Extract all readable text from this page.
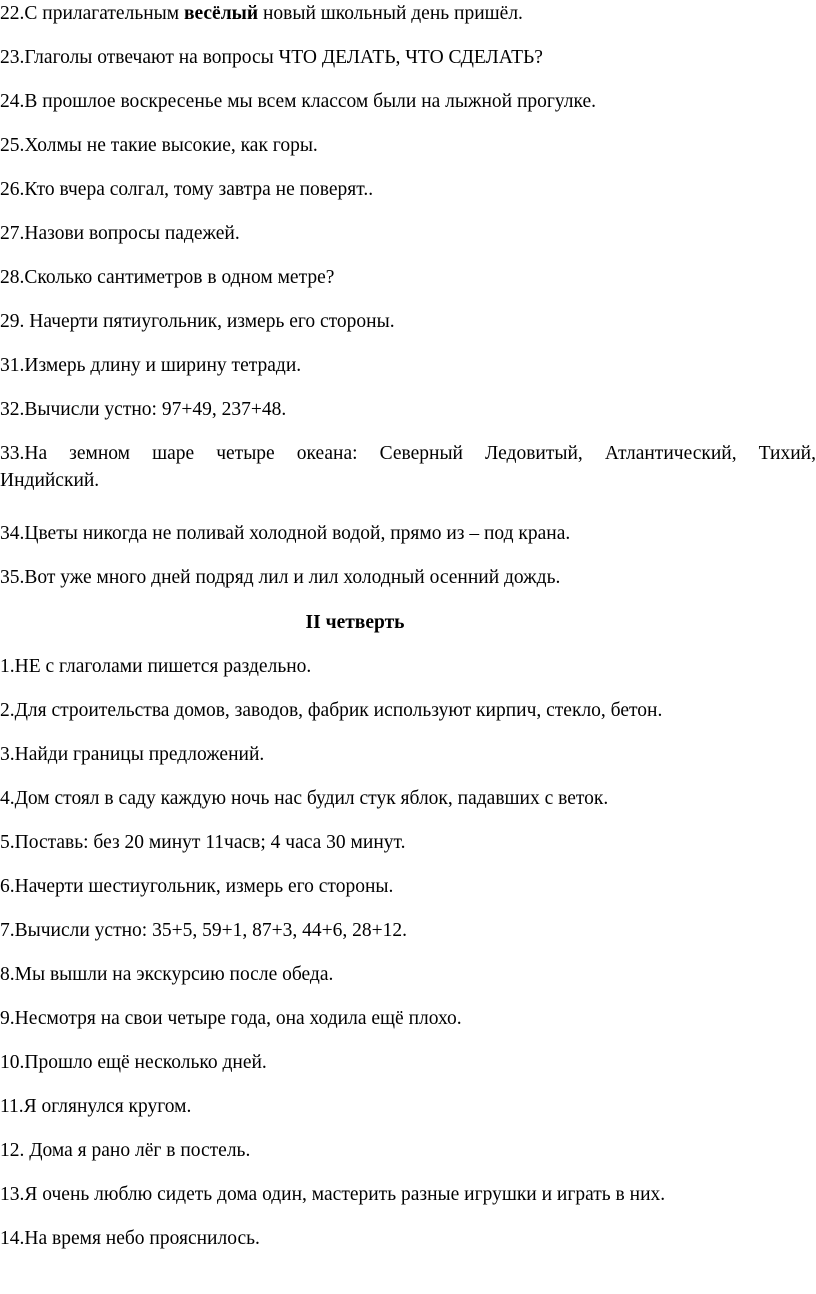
22.С прилагательным весёлый новый школьный день пришёл.

23.Глаголы отвечают на вопросы ЧТО ДЕЛАТЬ, ЧТО СДЕЛАТЬ?

24.В прошлое воскресенье мы всем классом были на лыжной прогулке.

25.Холмы не такие высокие, как горы.

26.Кто вчера солгал, тому завтра не поверят..

27.Назови вопросы падежей.

28.Сколько сантиметров в одном метре?

29. Начерти пятиугольник, измерь его стороны.

31.Измерь длину и ширину тетради.

32.Вычисли устно: 97+49, 237+48.

33.На земном шаре четыре океана: Северный Ледовитый, Атлантический, Тихий,
Индийский.

34.Цветы никогда не поливай холодной водой, прямо из – под крана.

35.Вот уже много дней подряд лил и лил холодный осенний дождь.

II четверть

1.НЕ с глаголами пишется раздельно.

2.Для строительства домов, заводов, фабрик используют кирпич, стекло, бетон.

3.Найди границы предложений.

4.Дом стоял в саду каждую ночь нас будил стук яблок, падавших с веток.

5.Поставь: без 20 минут 11часв; 4 часа 30 минут.

6.Начерти шестиугольник, измерь его стороны.

7.Вычисли устно: 35+5, 59+1, 87+3, 44+6, 28+12.

8.Мы вышли на экскурсию после обеда.

9.Несмотря на свои четыре года, она ходила ещё плохо.

10.Прошло ещё несколько дней.

11.Я оглянулся кругом.

12. Дома я рано лёг в постель.

13.Я очень люблю сидеть дома один, мастерить разные игрушки и играть в них.

14.На время небо прояснилось.
